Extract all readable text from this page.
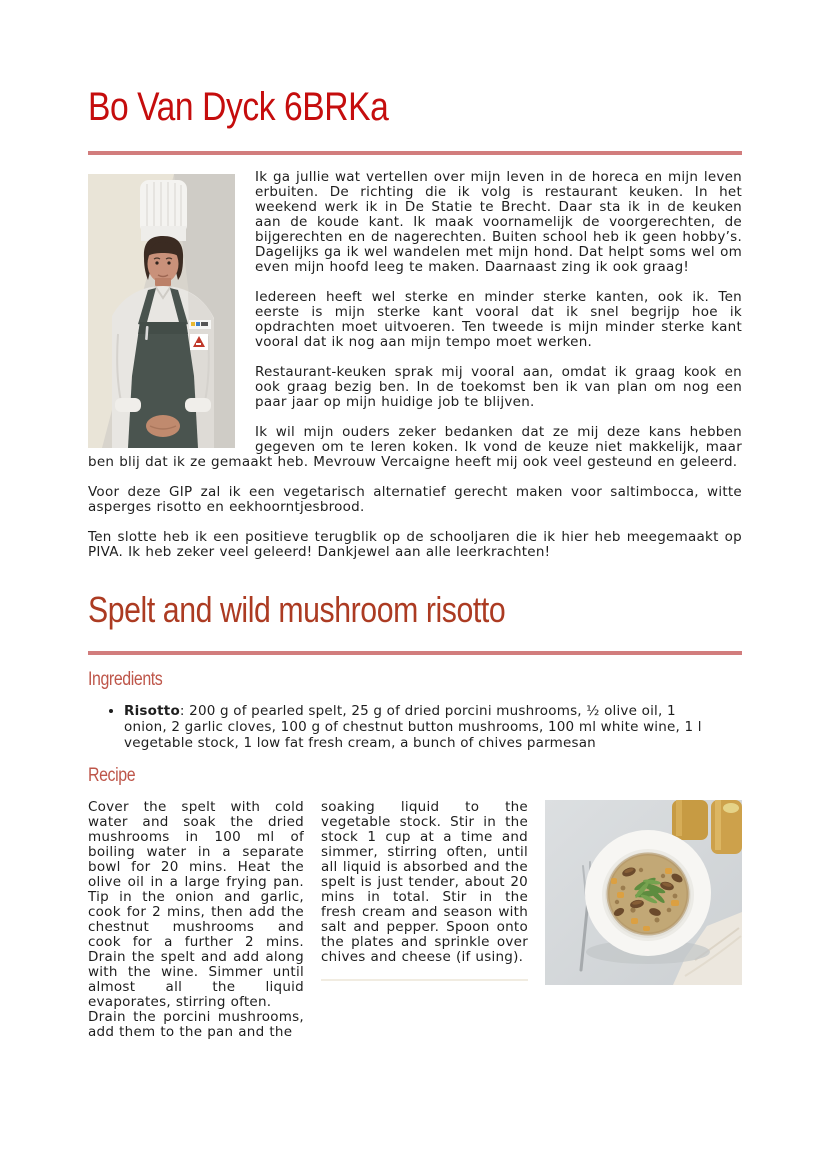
Bo Van Dyck 6BRKa

Ik ga jullie wat vertellen over mijn leven in de horeca en mijn leven erbuiten. De richting die ik volg is restaurant keuken. In het weekend werk ik in De Statie te Brecht. Daar sta ik in de keuken aan de koude kant. Ik maak voornamelijk de voorgerechten, de bijgerechten en de nagerechten. Buiten school heb ik geen hobby’s. Dagelijks ga ik wel wandelen met mijn hond. Dat helpt soms wel om even mijn hoofd leeg te maken. Daarnaast zing ik ook graag!

Iedereen heeft wel sterke en minder sterke kanten, ook ik. Ten eerste is mijn sterke kant vooral dat ik snel begrijp hoe ik opdrachten moet uitvoeren. Ten tweede is mijn minder sterke kant vooral dat ik nog aan mijn tempo moet werken.

Restaurant-keuken sprak mij vooral aan, omdat ik graag kook en ook graag bezig ben. In de toekomst ben ik van plan om nog een paar jaar op mijn huidige job te blijven.

Ik wil mijn ouders zeker bedanken dat ze mij deze kans hebben gegeven om te leren koken. Ik vond de keuze niet makkelijk, maar ben blij dat ik ze gemaakt heb. Mevrouw Vercaigne heeft mij ook veel gesteund en geleerd.

Voor deze GIP zal ik een vegetarisch alternatief gerecht maken voor saltimbocca, witte asperges risotto en eekhoorntjesbrood.

Ten slotte heb ik een positieve terugblik op de schooljaren die ik hier heb meegemaakt op PIVA. Ik heb zeker veel geleerd! Dankjewel aan alle leerkrachten!

Spelt and wild mushroom risotto
Ingredients
• Risotto: 200 g of pearled spelt, 25 g of dried porcini mushrooms, ½ olive oil, 1 onion, 2 garlic cloves, 100 g of chestnut button mushrooms, 100 ml white wine, 1 l vegetable stock, 1 low fat fresh cream, a bunch of chives parmesan
Recipe

Cover the spelt with cold water and soak the dried mushrooms in 100 ml of boiling water in a separate bowl for 20 mins. Heat the olive oil in a large frying pan. Tip in the onion and garlic, cook for 2 mins, then add the chestnut mushrooms and cook for a further 2 mins. Drain the spelt and add along with the wine. Simmer until almost all the liquid evaporates, stirring often.

Drain the porcini mushrooms, add them to the pan and the

soaking liquid to the vegetable stock. Stir in the stock 1 cup at a time and simmer, stirring often, until all liquid is absorbed and the spelt is just tender, about 20 mins in total. Stir in the fresh cream and season with salt and pepper. Spoon onto the plates and sprinkle over chives and cheese (if using).
